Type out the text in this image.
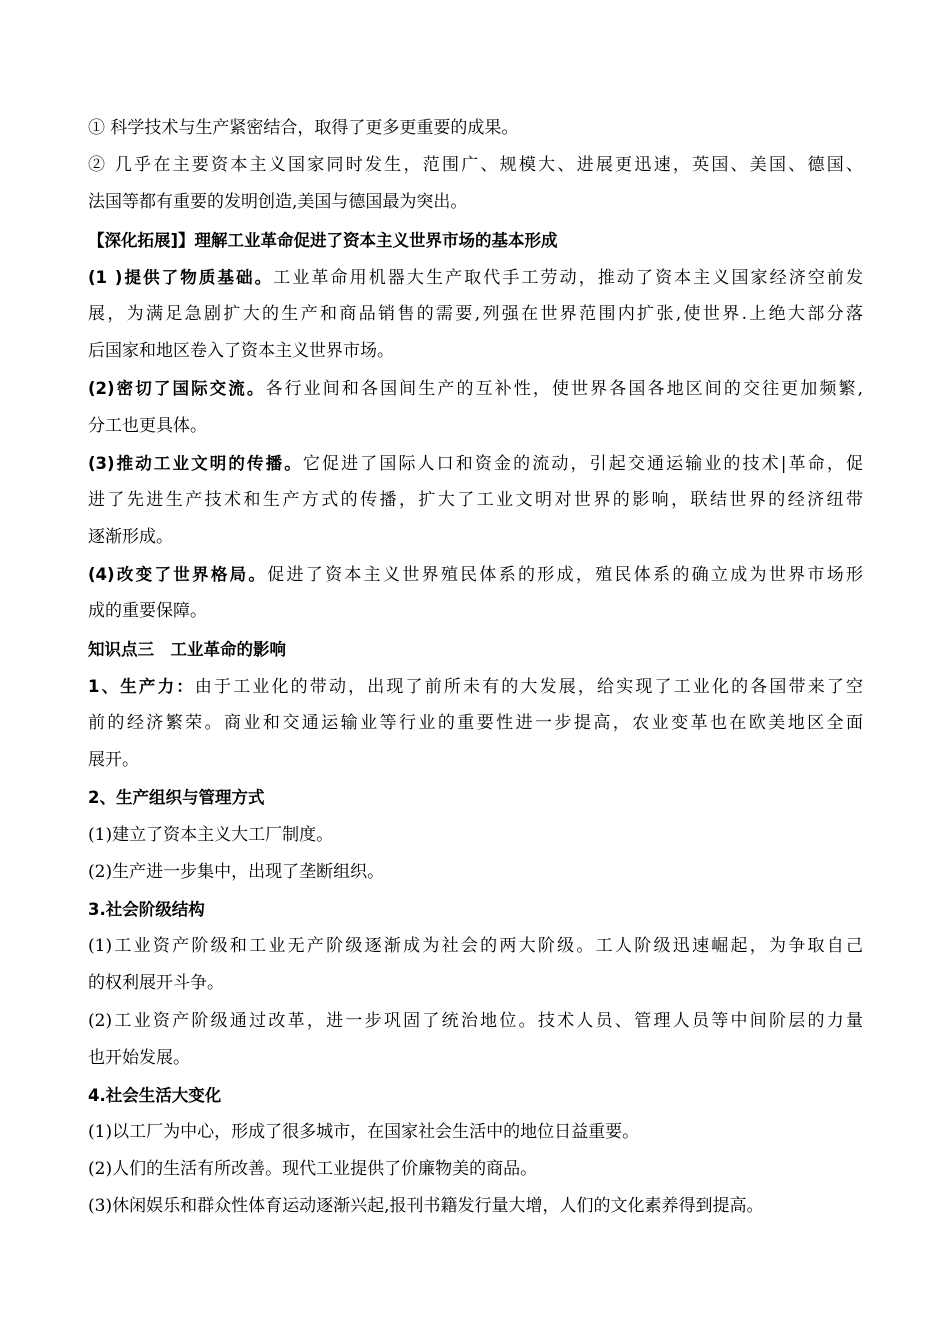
① 科学技术与生产紧密结合，取得了更多更重要的成果。
② 几乎在主要资本主义国家同时发生，范围广、规模大、进展更迅速，英国、美国、德国、
法国等都有重要的发明创造,美国与德国最为突出。
【深化拓展]】理解工业革命促进了资本主义世界市场的基本形成
(1 )提供了物质基础。工业革命用机器大生产取代手工劳动，推动了资本主义国家经济空前发
展，为满足急剧扩大的生产和商品销售的需要,列强在世界范围内扩张,使世界.上绝大部分落
后国家和地区卷入了资本主义世界市场。
(2)密切了国际交流。各行业间和各国间生产的互补性，使世界各国各地区间的交往更加频繁,
分工也更具体。
(3)推动工业文明的传播。它促进了国际人口和资金的流动，引起交通运输业的技术|革命，促
进了先进生产技术和生产方式的传播，扩大了工业文明对世界的影响，联结世界的经济纽带
逐渐形成。
(4)改变了世界格局。促进了资本主义世界殖民体系的形成，殖民体系的确立成为世界市场形
成的重要保障。
知识点三　工业革命的影响
1、生产力：由于工业化的带动，出现了前所未有的大发展，给实现了工业化的各国带来了空
前的经济繁荣。商业和交通运输业等行业的重要性进一步提高，农业变革也在欧美地区全面
展开。
2、生产组织与管理方式
(1)建立了资本主义大工厂制度。
(2)生产进一步集中，出现了垄断组织。
3.社会阶级结构
(1)工业资产阶级和工业无产阶级逐渐成为社会的两大阶级。工人阶级迅速崛起，为争取自己
的权利展开斗争。
(2)工业资产阶级通过改革，进一步巩固了统治地位。技术人员、管理人员等中间阶层的力量
也开始发展。
4.社会生活大变化
(1)以工厂为中心，形成了很多城市，在国家社会生活中的地位日益重要。
(2)人们的生活有所改善。现代工业提供了价廉物美的商品。
(3)休闲娱乐和群众性体育运动逐渐兴起,报刊书籍发行量大增，人们的文化素养得到提高。
